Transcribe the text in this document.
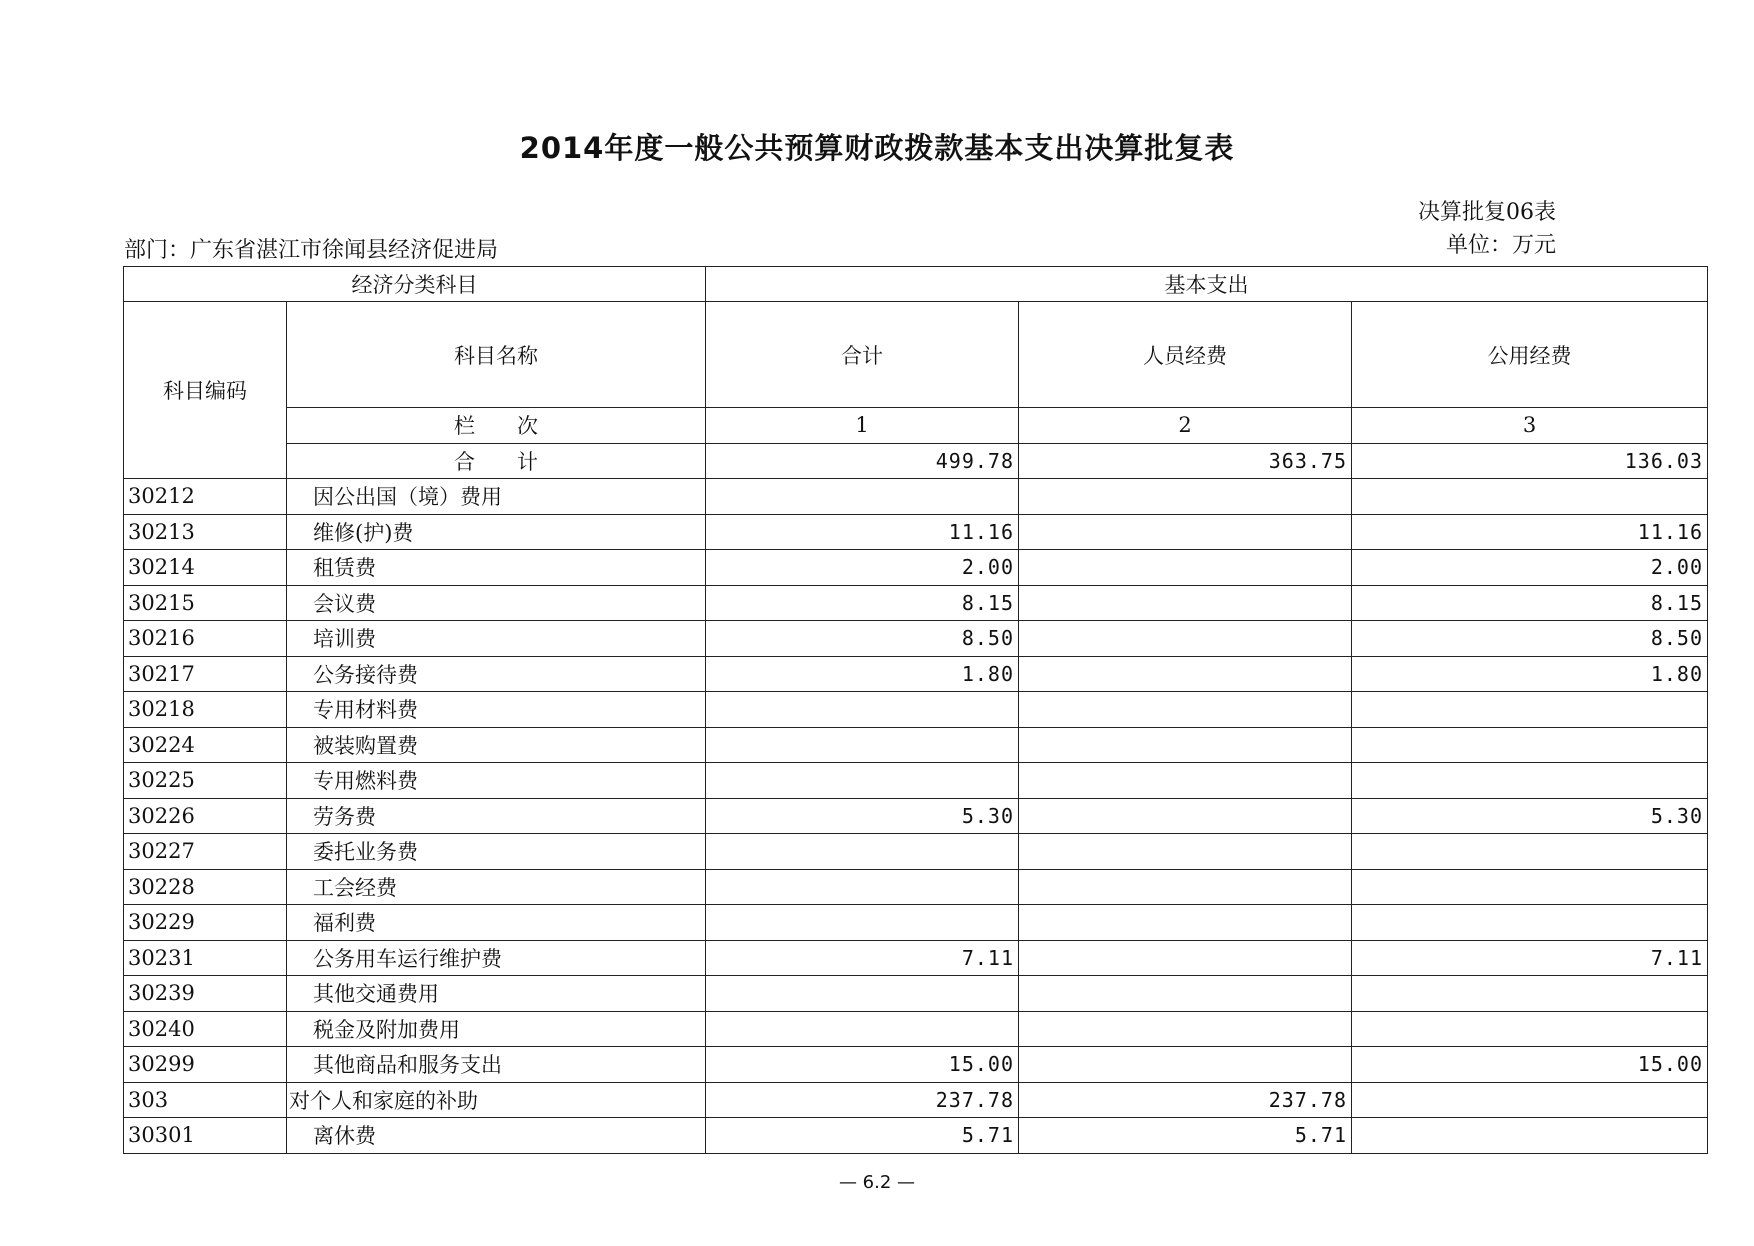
2014年度一般公共预算财政拨款基本支出决算批复表
决算批复06表
单位：万元
部门：广东省湛江市徐闻县经济促进局
经济分类科目		基本支出		
科目编码	科目名称	合计	人员经费	公用经费
	栏　　次	1	2	3
	合　　计	499.78	363.75	136.03
30212	因公出国（境）费用			
30213	维修(护)费	11.16		11.16
30214	租赁费	2.00		2.00
30215	会议费	8.15		8.15
30216	培训费	8.50		8.50
30217	公务接待费	1.80		1.80
30218	专用材料费			
30224	被装购置费			
30225	专用燃料费			
30226	劳务费	5.30		5.30
30227	委托业务费			
30228	工会经费			
30229	福利费			
30231	公务用车运行维护费	7.11		7.11
30239	其他交通费用			
30240	税金及附加费用			
30299	其他商品和服务支出	15.00		15.00
303	对个人和家庭的补助	237.78	237.78	
30301	离休费	5.71	5.71	
— 6.2 —
